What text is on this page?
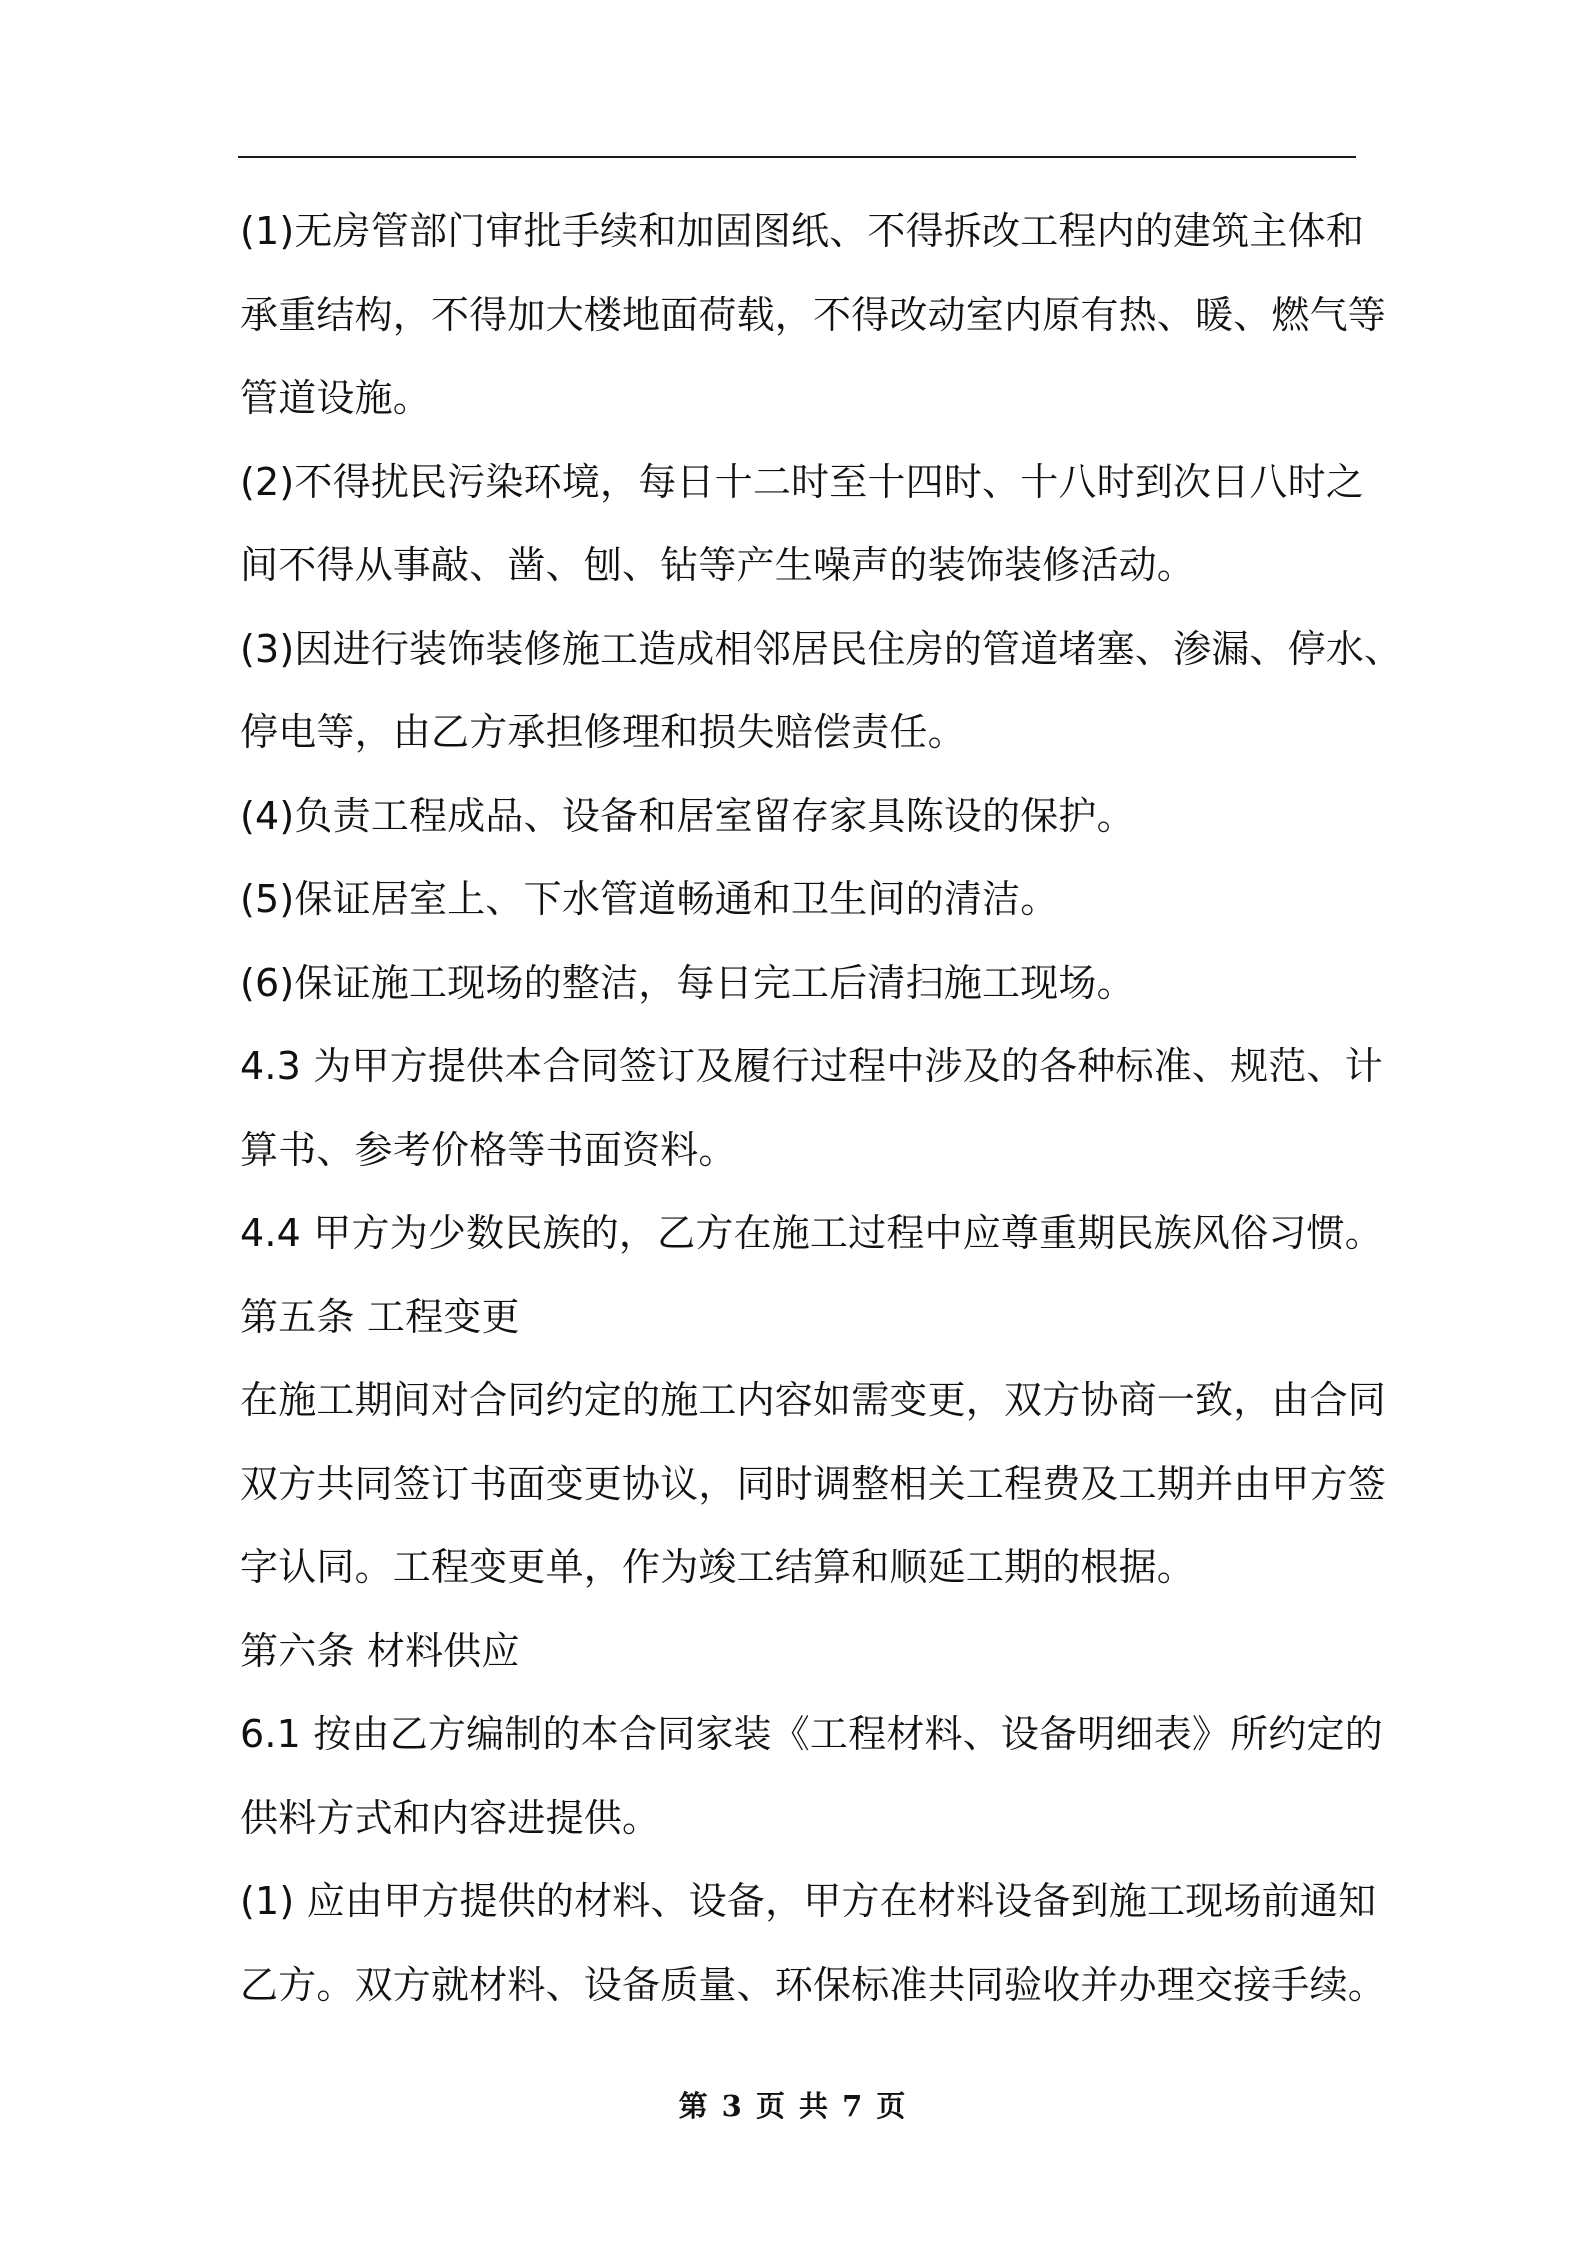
(1)无房管部门审批手续和加固图纸、不得拆改工程内的建筑主体和
承重结构，不得加大楼地面荷载，不得改动室内原有热、暖、燃气等
管道设施。
(2)不得扰民污染环境，每日十二时至十四时、十八时到次日八时之
间不得从事敲、凿、刨、钻等产生噪声的装饰装修活动。
(3)因进行装饰装修施工造成相邻居民住房的管道堵塞、渗漏、停水、
停电等，由乙方承担修理和损失赔偿责任。
(4)负责工程成品、设备和居室留存家具陈设的保护。
(5)保证居室上、下水管道畅通和卫生间的清洁。
(6)保证施工现场的整洁，每日完工后清扫施工现场。
4.3 为甲方提供本合同签订及履行过程中涉及的各种标准、规范、计
算书、参考价格等书面资料。
4.4 甲方为少数民族的，乙方在施工过程中应尊重期民族风俗习惯。
第五条 工程变更
在施工期间对合同约定的施工内容如需变更，双方协商一致，由合同
双方共同签订书面变更协议，同时调整相关工程费及工期并由甲方签
字认同。工程变更单，作为竣工结算和顺延工期的根据。
第六条 材料供应
6.1 按由乙方编制的本合同家装《工程材料、设备明细表》所约定的
供料方式和内容进提供。
(1) 应由甲方提供的材料、设备，甲方在材料设备到施工现场前通知
乙方。双方就材料、设备质量、环保标准共同验收并办理交接手续。
第 3 页 共 7 页
